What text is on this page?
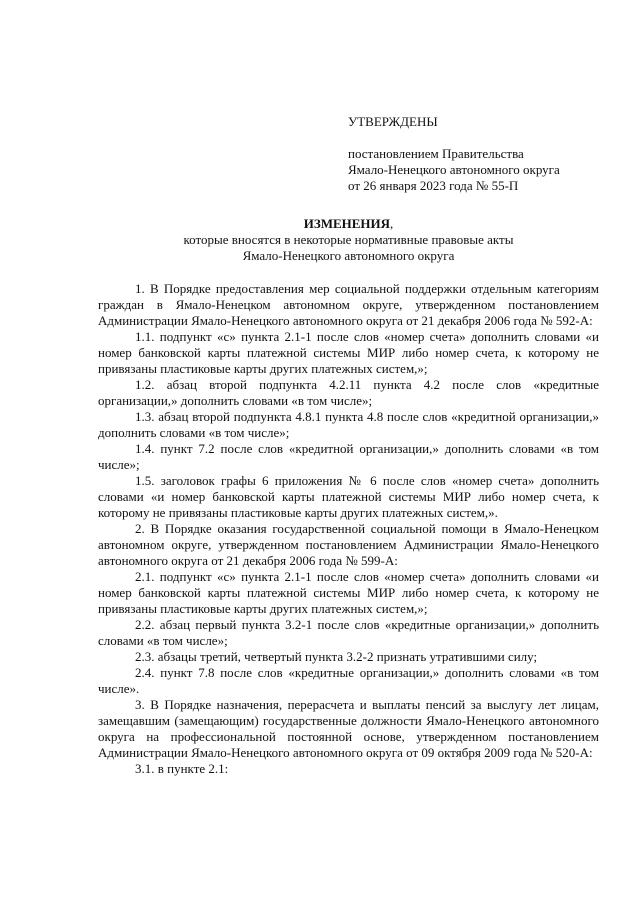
УТВЕРЖДЕНЫ
постановлением Правительства
Ямало-Ненецкого автономного округа
от 26 января 2023 года № 55-П
ИЗМЕНЕНИЯ,
которые вносятся в некоторые нормативные правовые акты
Ямало-Ненецкого автономного округа

1. В Порядке предоставления мер социальной поддержки отдельным категориям граждан в Ямало-Ненецком автономном округе, утвержденном постановлением Администрации Ямало-Ненецкого автономного округа от 21 декабря 2006 года № 592-А:

1.1. подпункт «с» пункта 2.1-1 после слов «номер счета» дополнить словами «и номер банковской карты платежной системы МИР либо номер счета, к которому не привязаны пластиковые карты других платежных систем,»;

1.2. абзац второй подпункта 4.2.11 пункта 4.2 после слов «кредитные организации,» дополнить словами «в том числе»;

1.3. абзац второй подпункта 4.8.1 пункта 4.8 после слов «кредитной организации,» дополнить словами «в том числе»;

1.4. пункт 7.2 после слов «кредитной организации,» дополнить словами «в том числе»;

1.5. заголовок графы 6 приложения № 6 после слов «номер счета» дополнить словами «и номер банковской карты платежной системы МИР либо номер счета, к которому не привязаны пластиковые карты других платежных систем,».

2. В Порядке оказания государственной социальной помощи в Ямало-Ненецком автономном округе, утвержденном постановлением Администрации Ямало-Ненецкого автономного округа от 21 декабря 2006 года № 599-А:

2.1. подпункт «с» пункта 2.1-1 после слов «номер счета» дополнить словами «и номер банковской карты платежной системы МИР либо номер счета, к которому не привязаны пластиковые карты других платежных систем,»;

2.2. абзац первый пункта 3.2-1 после слов «кредитные организации,» дополнить словами «в том числе»;

2.3. абзацы третий, четвертый пункта 3.2-2 признать утратившими силу;

2.4. пункт 7.8 после слов «кредитные организации,» дополнить словами «в том числе».

3. В Порядке назначения, перерасчета и выплаты пенсий за выслугу лет лицам, замещавшим (замещающим) государственные должности Ямало-Ненецкого автономного округа на профессиональной постоянной основе, утвержденном постановлением Администрации Ямало-Ненецкого автономного округа от 09 октября 2009 года № 520-А:

3.1. в пункте 2.1:
